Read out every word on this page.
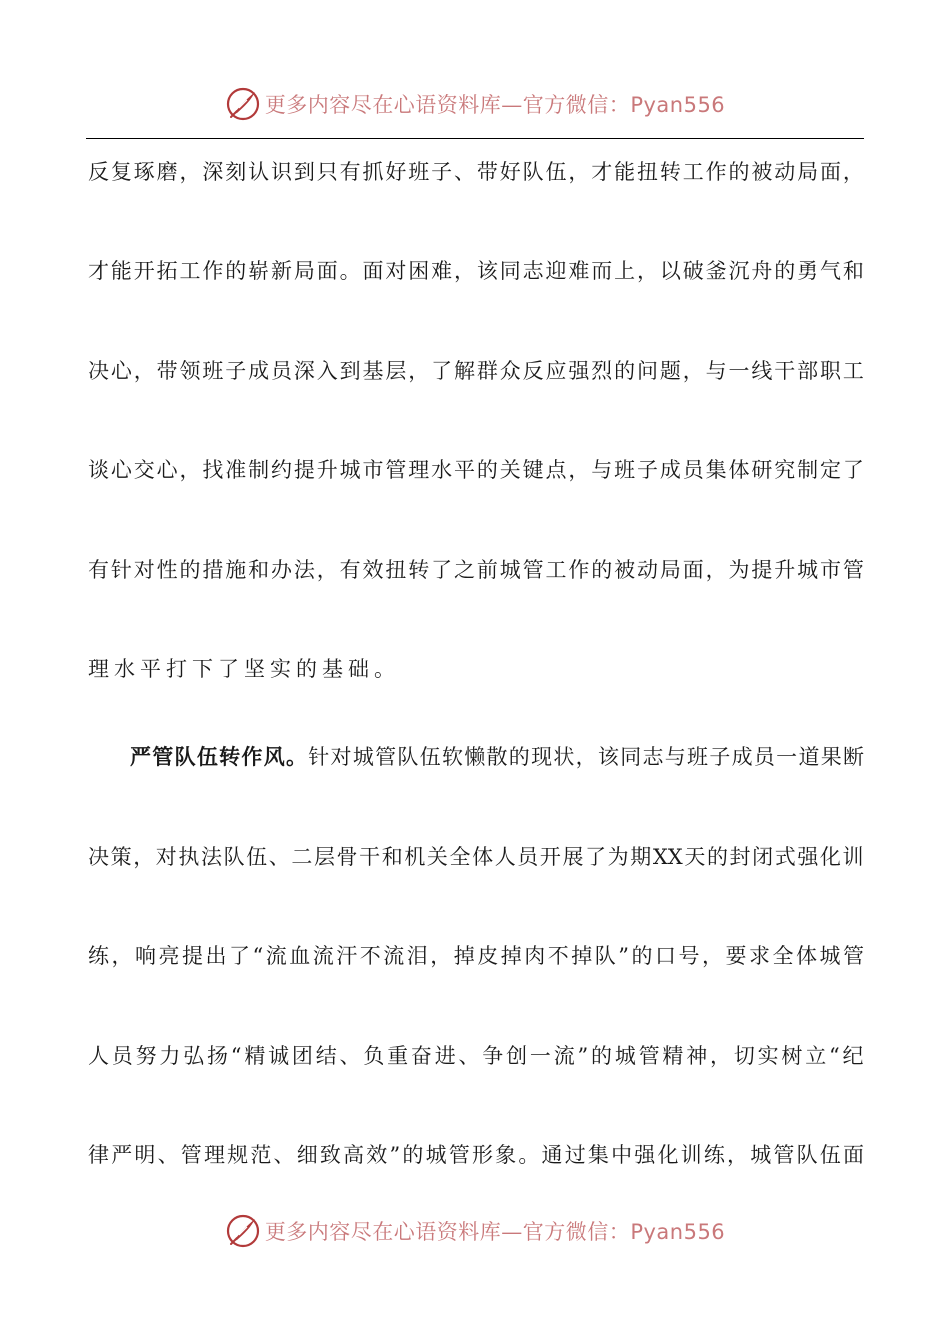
更多内容尽在心语资料库—官方微信：Pyan556
反 复 琢 磨 ， 深 刻 认 识 到 只 有 抓 好 班 子 、 带 好 队 伍 ， 才 能 扭 转 工 作 的 被 动 局 面 ，
才 能 开 拓 工 作 的 崭 新 局 面 。 面 对 困 难 ， 该 同 志 迎 难 而 上 ， 以 破 釜 沉 舟 的 勇 气 和
决 心 ， 带 领 班 子 成 员 深 入 到 基 层 ， 了 解 群 众 反 应 强 烈 的 问 题 ， 与 一 线 干 部 职 工
谈 心 交 心 ， 找 准 制 约 提 升 城 市 管 理 水 平 的 关 键 点 ， 与 班 子 成 员 集 体 研 究 制 定 了
有 针 对 性 的 措 施 和 办 法 ， 有 效 扭 转 了 之 前 城 管 工 作 的 被 动 局 面 ， 为 提 升 城 市 管
理 水 平 打 下 了 坚 实 的 基 础 。
严 管 队 伍 转 作 风 。 针 对 城 管 队 伍 软 懒 散 的 现 状 ， 该 同 志 与 班 子 成 员 一 道 果 断
决 策 ， 对 执 法 队 伍 、 二 层 骨 干 和 机 关 全 体 人 员 开 展 了 为 期 XX 天 的 封 闭 式 强 化 训
练 ， 响 亮 提 出 了 “ 流 血 流 汗 不 流 泪 ， 掉 皮 掉 肉 不 掉 队 ” 的 口 号 ， 要 求 全 体 城 管
人 员 努 力 弘 扬 “ 精 诚 团 结 、 负 重 奋 进 、 争 创 一 流 ” 的 城 管 精 神 ， 切 实 树 立 “ 纪
律 严 明 、 管 理 规 范 、 细 致 高 效 ” 的 城 管 形 象 。 通 过 集 中 强 化 训 练 ， 城 管 队 伍 面
更多内容尽在心语资料库—官方微信：Pyan556
